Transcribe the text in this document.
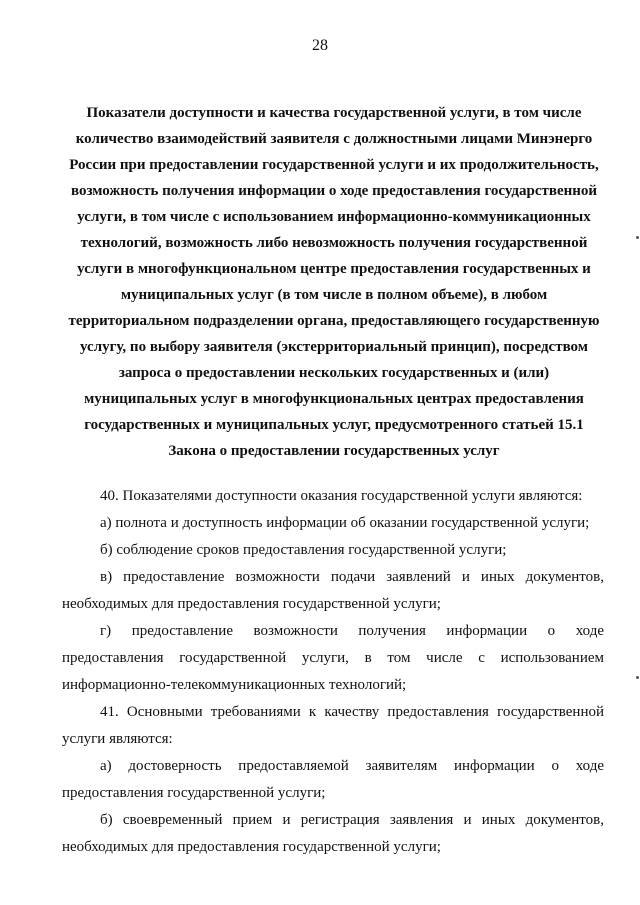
28
Показатели доступности и качества государственной услуги, в том числе
количество взаимодействий заявителя с должностными лицами Минэнерго
России при предоставлении государственной услуги и их продолжительность,
возможность получения информации о ходе предоставления государственной
услуги, в том числе с использованием информационно-коммуникационных
технологий, возможность либо невозможность получения государственной
услуги в многофункциональном центре предоставления государственных и
муниципальных услуг (в том числе в полном объеме), в любом
территориальном подразделении органа, предоставляющего государственную
услугу, по выбору заявителя (экстерриториальный принцип), посредством
запроса о предоставлении нескольких государственных и (или)
муниципальных услуг в многофункциональных центрах предоставления
государственных и муниципальных услуг, предусмотренного статьей 15.1
Закона о предоставлении государственных услуг
40. Показателями доступности оказания государственной услуги являются:
а) полнота и доступность информации об оказании государственной услуги;
б) соблюдение сроков предоставления государственной услуги;
в) предоставление возможности подачи заявлений и иных документов,
необходимых для предоставления государственной услуги;
г) предоставление возможности получения информации о ходе
предоставления государственной услуги, в том числе с использованием
информационно-телекоммуникационных технологий;
41. Основными требованиями к качеству предоставления государственной
услуги являются:
а) достоверность предоставляемой заявителям информации о ходе
предоставления государственной услуги;
б) своевременный прием и регистрация заявления и иных документов,
необходимых для предоставления государственной услуги;
